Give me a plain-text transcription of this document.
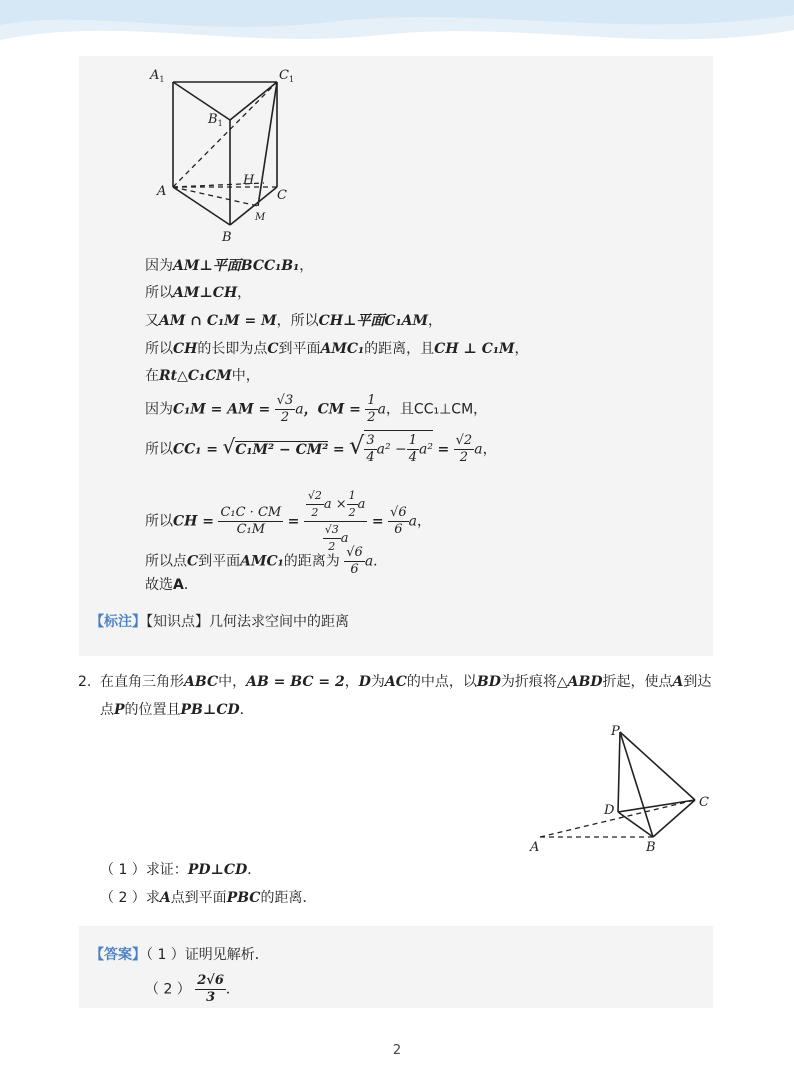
$A_1$	$C_1$
$B_1$
H
A	C
M
B
因为AM⊥平面BCC₁B₁，
所以AM⊥CH，
又AM ∩ C₁M = M，所以CH⊥平面C₁AM，
所以CH的长即为点C到平面AMC₁的距离，且CH ⊥ C₁M，
在Rt△C₁CM中，
因为C₁M = AM = $\frac{√3}{2}$ a，CM = $\frac{1}{2}$ a，且CC₁⊥CM，
所以CC₁ = √C₁M² − CM² = √ $\frac{3}{4} a^2 - \frac{1}{4} a^2 = \frac{√2}{2}$ a，
所以CH = $\frac{\text{C₁C · CM}}{\text{C₁M}} = \frac{\frac{√2}{2} a \times \frac{1}{2} a}{\frac{√3}{2} a} = \frac{√6}{6}$ a，
所以点C到平面AMC₁的距离为 $\frac{√6}{6}$ a．
故选A．
【标注】【知识点】几何法求空间中的距离
2. 在直角三角形ABC中，AB = BC = 2，D为AC的中点，以BD为折痕将△ABD折起，使点A到达
点P的位置且PB⊥CD．
P
D
C
A	B
（ 1 ）求证：PD⊥CD．
（ 2 ）求A点到平面PBC的距离．
【答案】（ 1 ）证明见解析．
（ 2 ） $\frac{2√6}{3}$ ．
2
